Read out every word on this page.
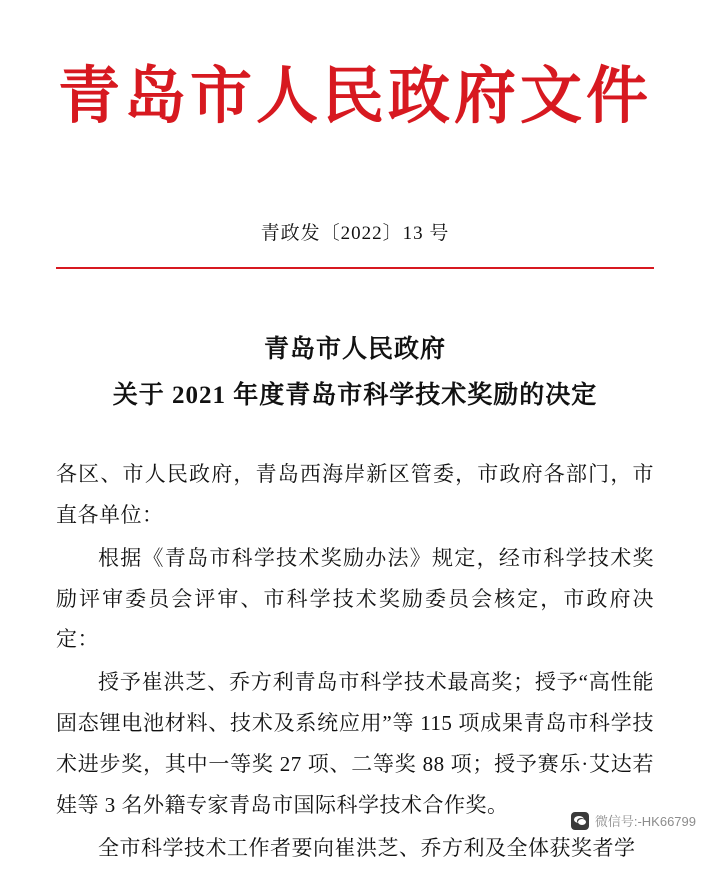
青岛市人民政府文件
青政发〔2022〕13 号
青岛市人民政府
关于 2021 年度青岛市科学技术奖励的决定

各区、市人民政府，青岛西海岸新区管委，市政府各部门，市直各单位：

根据《青岛市科学技术奖励办法》规定，经市科学技术奖励评审委员会评审、市科学技术奖励委员会核定，市政府决定：

授予崔洪芝、乔方利青岛市科学技术最高奖；授予“高性能固态锂电池材料、技术及系统应用”等 115 项成果青岛市科学技术进步奖，其中一等奖 27 项、二等奖 88 项；授予赛乐·艾达若娃等 3 名外籍专家青岛市国际科学技术合作奖。

全市科学技术工作者要向崔洪芝、乔方利及全体获奖者学

微信号:-HK66799
